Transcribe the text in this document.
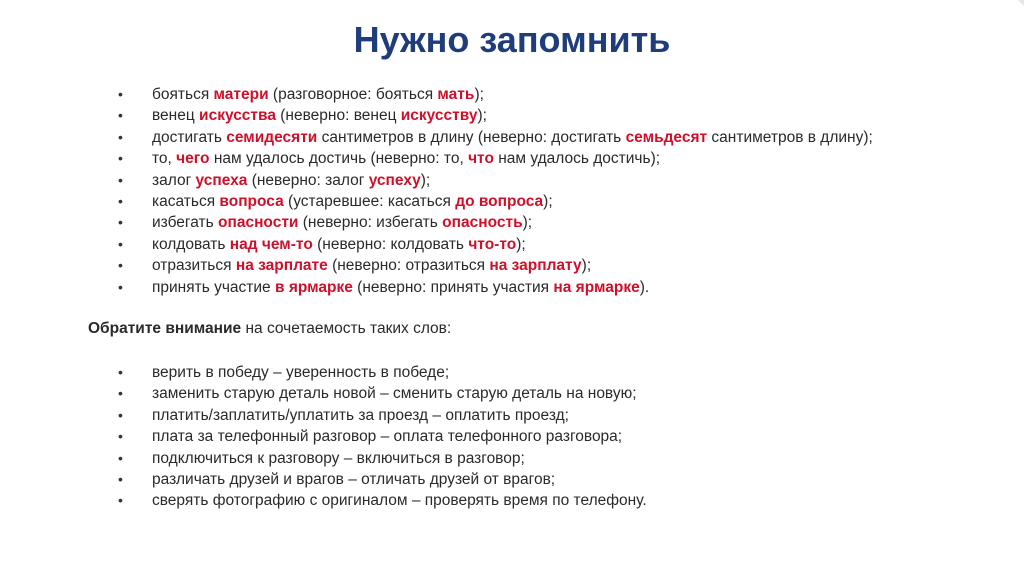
Нужно запомнить
• бояться матери (разговорное: бояться мать);
• венец искусства (неверно: венец искусству);
• достигать семидесяти сантиметров в длину (неверно: достигать семьдесят сантиметров в длину);
• то, чего нам удалось достичь (неверно: то, что нам удалось достичь);
• залог успеха (неверно: залог успеху);
• касаться вопроса (устаревшее: касаться до вопроса);
• избегать опасности (неверно: избегать опасность);
• колдовать над чем-то (неверно: колдовать что-то);
• отразиться на зарплате (неверно: отразиться на зарплату);
• принять участие в ярмарке (неверно: принять участия на ярмарке).

Обратите внимание на сочетаемость таких слов:

• верить в победу – уверенность в победе;
• заменить старую деталь новой – сменить старую деталь на новую;
• платить/заплатить/уплатить за проезд – оплатить проезд;
• плата за телефонный разговор – оплата телефонного разговора;
• подключиться к разговору – включиться в разговор;
• различать друзей и врагов – отличать друзей от врагов;
• сверять фотографию с оригиналом – проверять время по телефону.
